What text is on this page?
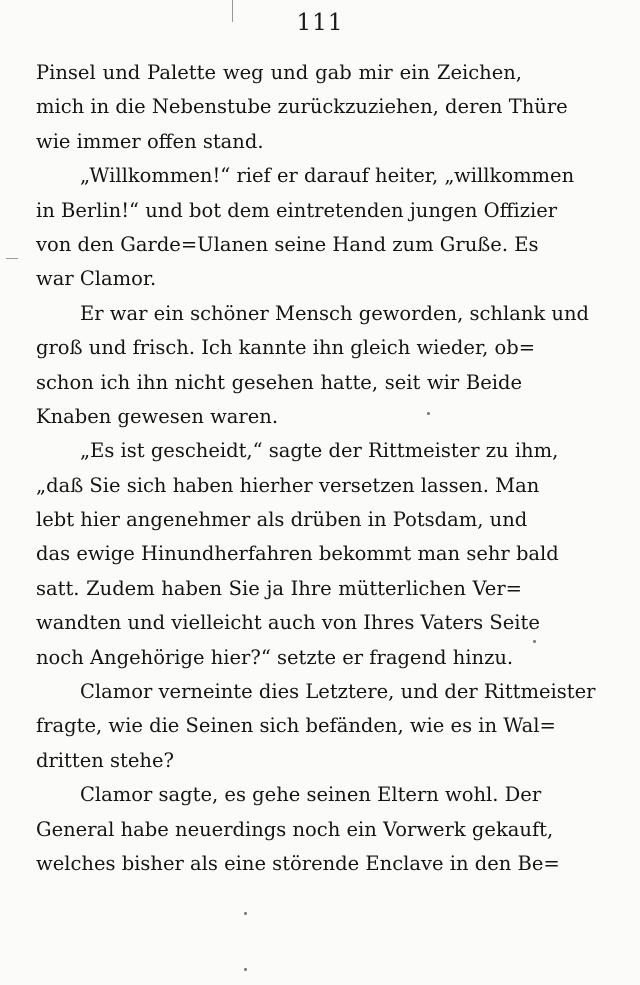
111
Pinsel und Palette weg und gab mir ein Zeichen,
mich in die Nebenstube zurückzuziehen, deren Thüre
wie immer offen stand.
„Willkommen!“ rief er darauf heiter, „willkommen
in Berlin!“ und bot dem eintretenden jungen Offizier
von den Garde=Ulanen seine Hand zum Gruße. Es
war Clamor.
Er war ein schöner Mensch geworden, schlank und
groß und frisch. Ich kannte ihn gleich wieder, ob=
schon ich ihn nicht gesehen hatte, seit wir Beide
Knaben gewesen waren.
„Es ist gescheidt,“ sagte der Rittmeister zu ihm,
„daß Sie sich haben hierher versetzen lassen. Man
lebt hier angenehmer als drüben in Potsdam, und
das ewige Hinundherfahren bekommt man sehr bald
satt. Zudem haben Sie ja Ihre mütterlichen Ver=
wandten und vielleicht auch von Ihres Vaters Seite
noch Angehörige hier?“ setzte er fragend hinzu.
Clamor verneinte dies Letztere, und der Rittmeister
fragte, wie die Seinen sich befänden, wie es in Wal=
dritten stehe?
Clamor sagte, es gehe seinen Eltern wohl. Der
General habe neuerdings noch ein Vorwerk gekauft,
welches bisher als eine störende Enclave in den Be=
